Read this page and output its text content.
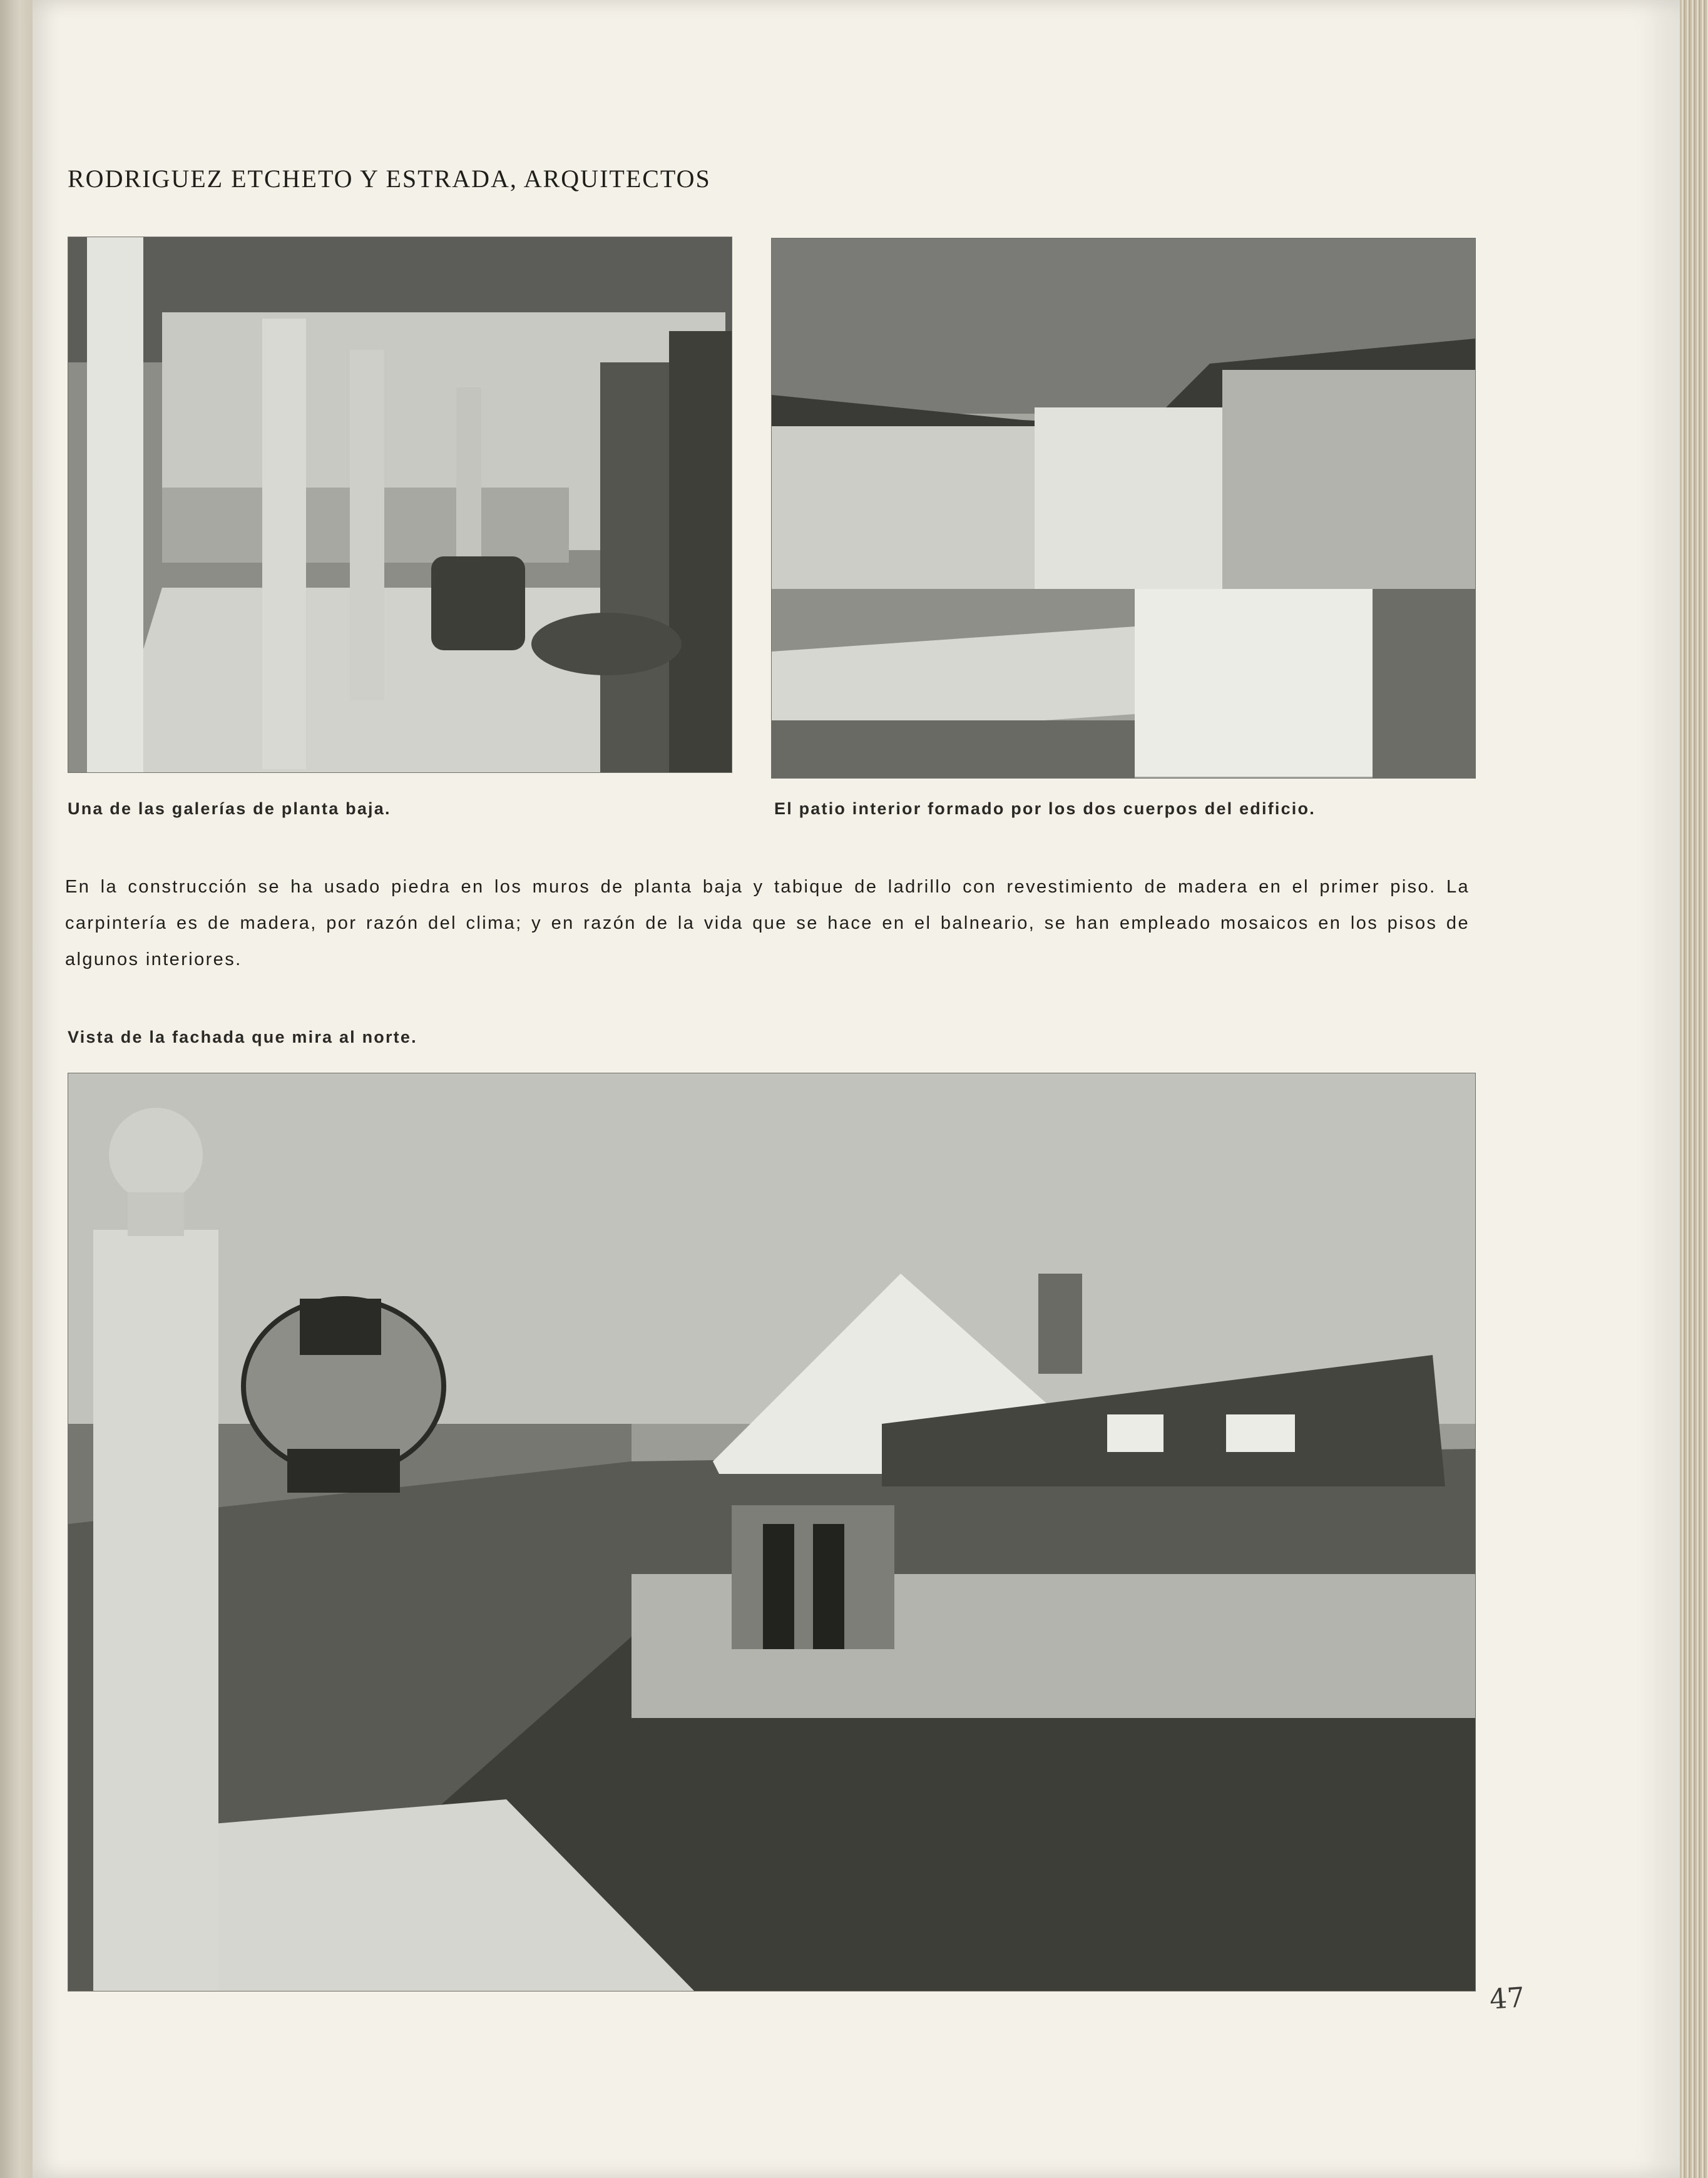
RODRIGUEZ ETCHETO Y ESTRADA, ARQUITECTOS

Una de las galerías de planta baja.	El patio interior formado por los dos cuerpos del edificio.

En la construcción se ha usado piedra en los muros de planta baja y tabique de ladrillo con revestimiento de madera en el primer piso. La carpintería es de madera, por razón del clima; y en razón de la vida que se hace en el balneario, se han empleado mosaicos en los pisos de algunos interiores.

Vista de la fachada que mira al norte.

47
